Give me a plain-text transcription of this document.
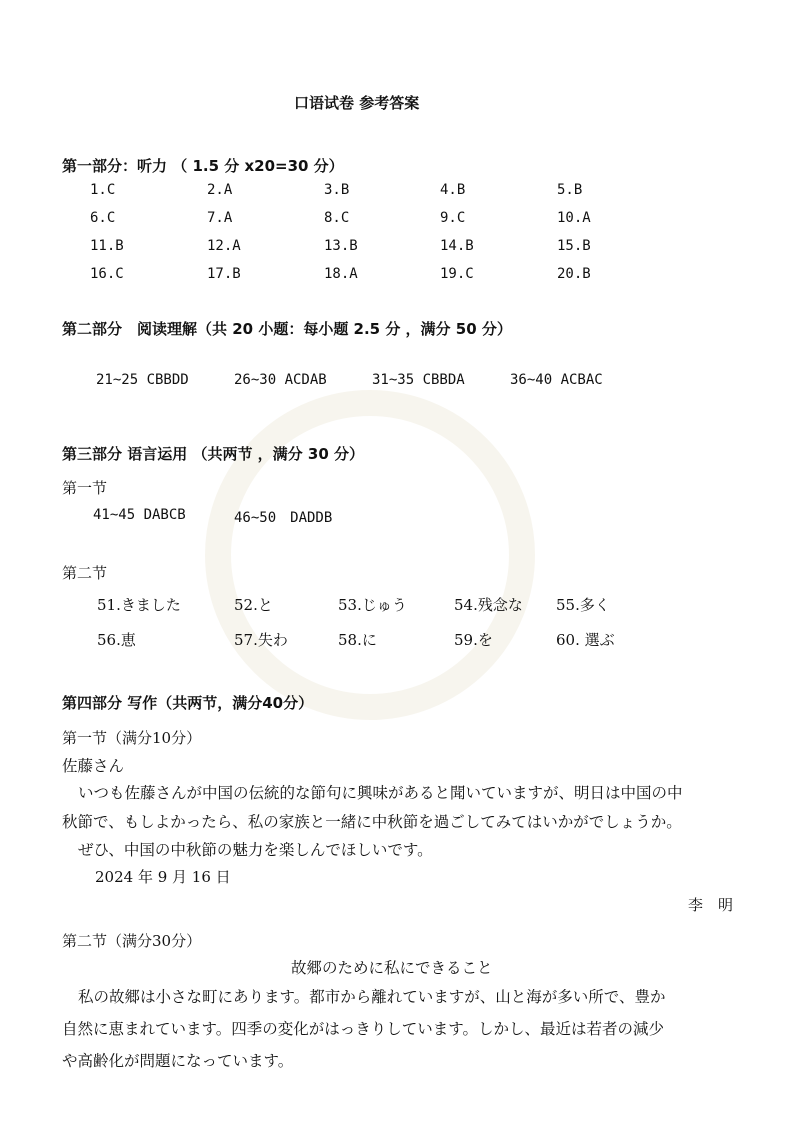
口语试卷 参考答案
第一部分：听力 （ 1.5 分 x20=30 分）
1.C	2.A	3.B	4.B	5.B
6.C	7.A	8.C	9.C	10.A
11.B	12.A	13.B	14.B	15.B
16.C	17.B	18.A	19.C	20.B
第二部分　阅读理解（共 20 小题：每小题 2.5 分 ，满分 50 分）
21~25 CBBDD	26~30 ACDAB	31~35 CBBDA	36~40 ACBAC
第三部分 语言运用 （共两节 ，满分 30 分）
第一节
41~45 DABCB	46~50　DADDB
第二节
51.きました	52.と	53.じゅう	54.残念な 55.多く
56.恵	57.失わ	58.に	59.を	60. 選ぶ
第四部分 写作（共两节，满分40分）
第一节（满分10分）
佐藤さん
いつも佐藤さんが中国の伝統的な節句に興味があると聞いていますが、明日は中国の中
秋節で、もしよかったら、私の家族と一緒に中秋節を過ごしてみてはいかがでしょうか。
ぜひ、中国の中秋節の魅力を楽しんでほしいです。
2024 年 9 月 16 日
李　明
第二节（满分30分）
故郷のために私にできること
私の故郷は小さな町にあります。都市から離れていますが、山と海が多い所で、豊か
自然に恵まれています。四季の変化がはっきりしています。しかし、最近は若者の減少
や高齢化が問題になっています。
